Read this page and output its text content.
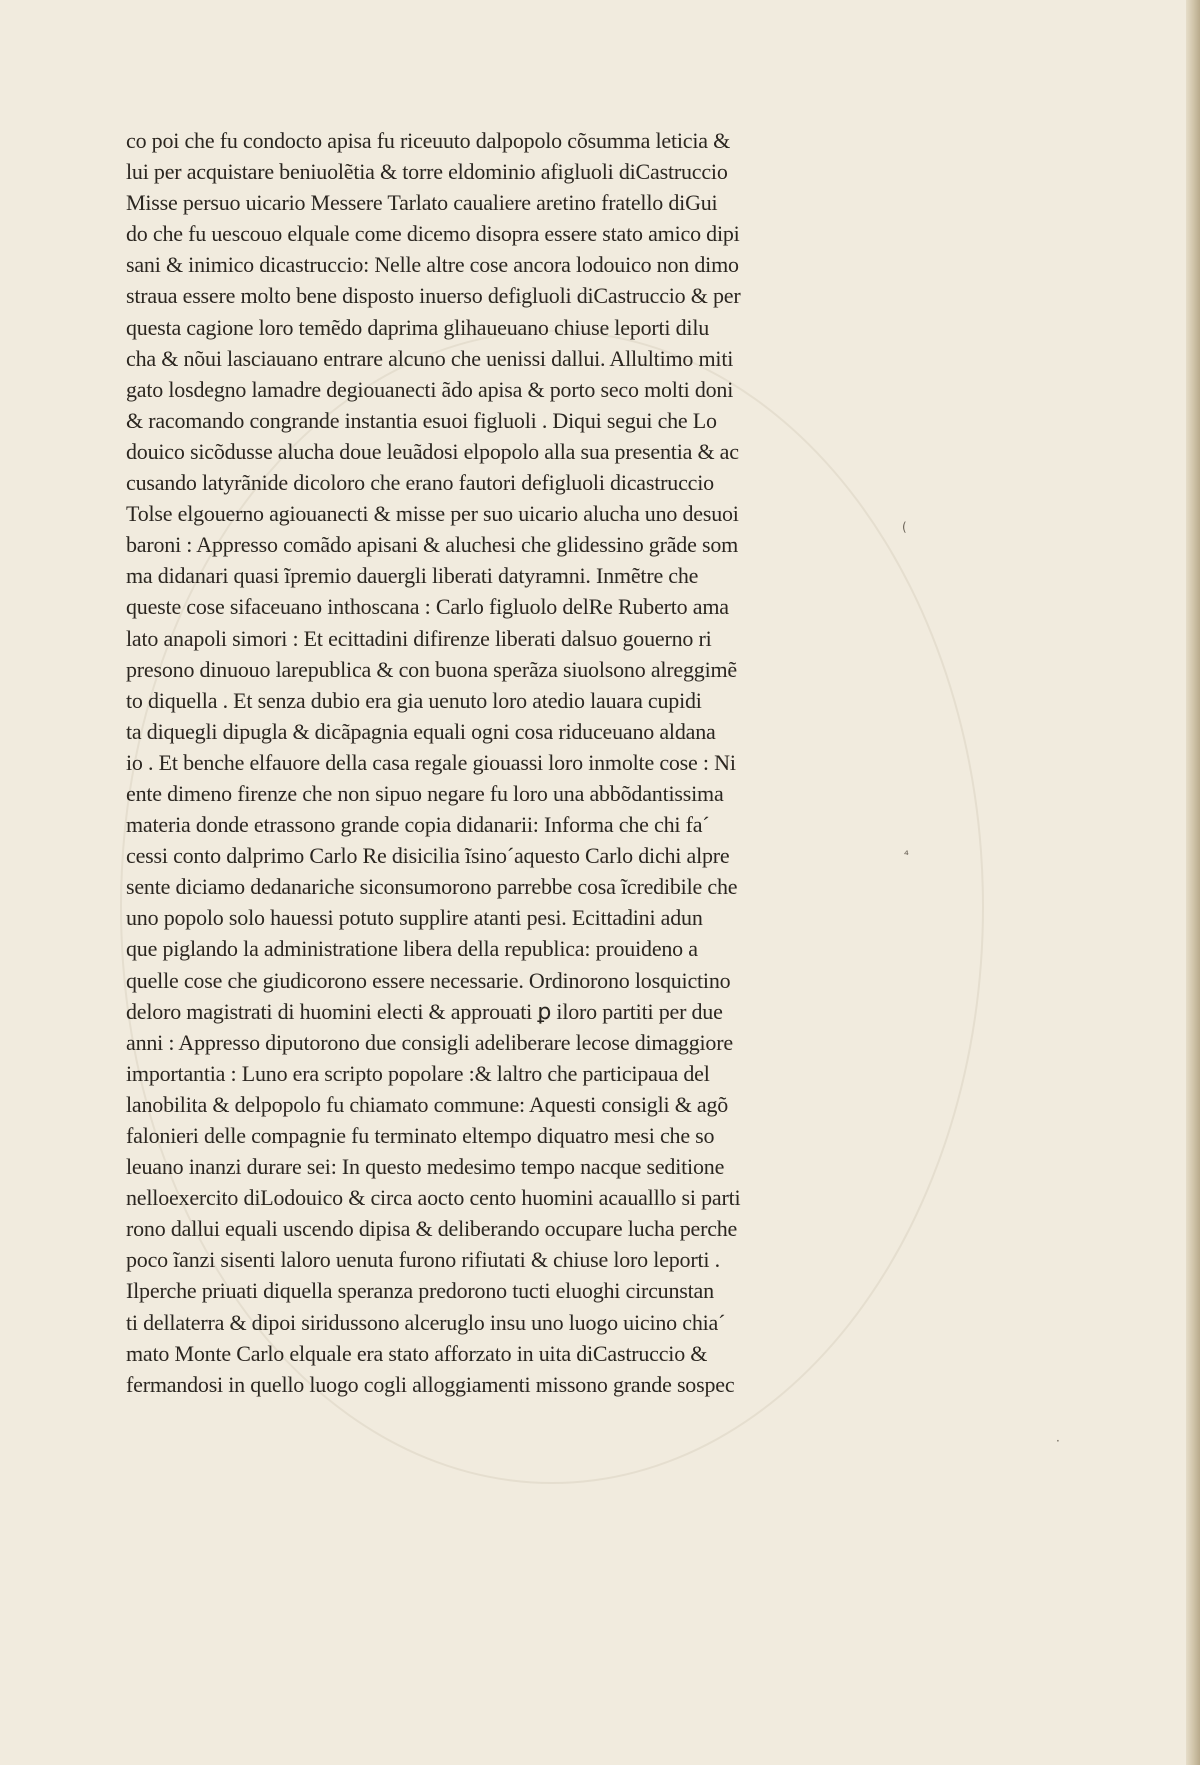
co poi che fu condocto apisa fu riceuuto dalpopolo cõsumma leticia &
lui per acquistare beniuolẽtia & torre eldominio afigluoli diCastruccio
Misse persuo uicario Messere Tarlato caualiere aretino fratello diGui
do che fu uescouo elquale come dicemo disopra essere stato amico dipi
sani & inimico dicastruccio: Nelle altre cose ancora lodouico non dimo
straua essere molto bene disposto inuerso defigluoli diCastruccio & per
questa cagione loro temẽdo daprima glihaueuano chiuse leporti dilu
cha & nõui lasciauano entrare alcuno che uenissi dallui. Allultimo miti
gato losdegno lamadre degiouanecti ãdo apisa & porto seco molti doni
& racomando congrande instantia esuoi figluoli . Diqui segui che Lo
douico sicõdusse alucha doue leuãdosi elpopolo alla sua presentia & ac
cusando latyrãnide dicoloro che erano fautori defigluoli dicastruccio
Tolse elgouerno agiouanecti & misse per suo uicario alucha uno desuoi
baroni : Appresso comãdo apisani & aluchesi che glidessino grãde som
ma didanari quasi ĩpremio dauergli liberati datyramni. Inmẽtre che
queste cose sifaceuano inthoscana : Carlo figluolo delRe Ruberto ama
lato anapoli simori : Et ecittadini difirenze liberati dalsuo gouerno ri
presono dinuouo larepublica & con buona sperãza siuolsono alreggimẽ
to diquella . Et senza dubio era gia uenuto loro atedio lauara cupidi
ta diquegli dipugla & dicãpagnia equali ogni cosa riduceuano aldana
io . Et benche elfauore della casa regale giouassi loro inmolte cose : Ni
ente dimeno firenze che non sipuo negare fu loro una abbõdantissima
materia donde etrassono grande copia didanarii: Informa che chi fa´
cessi conto dalprimo Carlo Re disicilia ĩsino´aquesto Carlo dichi alpre
sente diciamo dedanariche siconsumorono parrebbe cosa ĩcredibile che
uno popolo solo hauessi potuto supplire atanti pesi. Ecittadini adun
que piglando la administratione libera della republica: prouideno a
quelle cose che giudicorono essere necessarie. Ordinorono losquictino
deloro magistrati di huomini electi & approuati ꝑ iloro partiti per due
anni : Appresso diputorono due consigli adeliberare lecose dimaggiore
importantia : Luno era scripto popolare :& laltro che participaua del
lanobilita & delpopolo fu chiamato commune: Aquesti consigli & agõ
falonieri delle compagnie fu terminato eltempo diquatro mesi che so
leuano inanzi durare sei: In questo medesimo tempo nacque seditione
nelloexercito diLodouico & circa aocto cento huomini acaualllo si parti
rono dallui equali uscendo dipisa & deliberando occupare lucha perche
poco ĩanzi sisenti laloro uenuta furono rifiutati & chiuse loro leporti .
Ilperche priuati diquella speranza predorono tucti eluoghi circunstan
ti dellaterra & dipoi siridussono alceruglo insu uno luogo uicino chia´
mato Monte Carlo elquale era stato afforzato in uita diCastruccio &
fermandosi in quello luogo cogli alloggiamenti missono grande sospec
(
⁴
·
